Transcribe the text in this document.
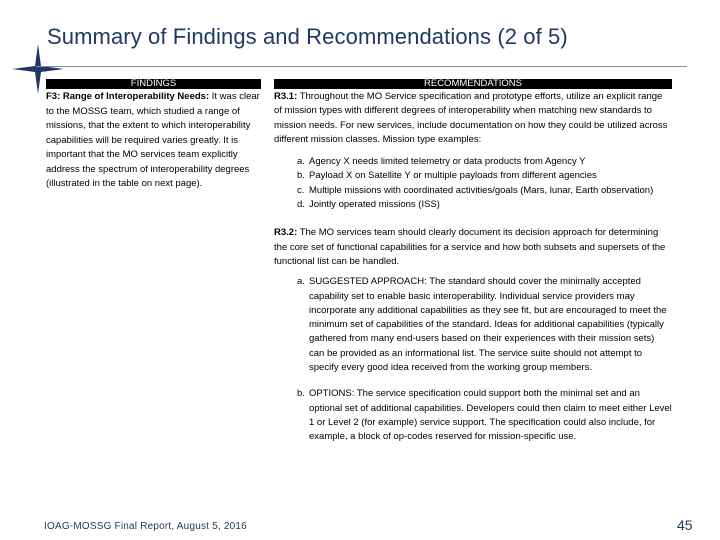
Summary of Findings and Recommendations (2 of 5)
FINDINGS	RECOMMENDATIONS
F3: Range of Interoperability Needs: It was clear to the MOSSG team, which studied a range of missions, that the extent to which interoperability capabilities will be required varies greatly. It is important that the MO services team explicitly address the spectrum of interoperability degrees (illustrated in the table on next page).

R3.1: Throughout the MO Service specification and prototype efforts, utilize an explicit range of mission types with different degrees of interoperability when matching new standards to mission needs. For new services, include documentation on how they could be utilized across different mission classes. Mission type examples:

a. Agency X needs limited telemetry or data products from Agency Y
b. Payload X on Satellite Y or multiple payloads from different agencies
c. Multiple missions with coordinated activities/goals (Mars, lunar, Earth observation)
d. Jointly operated missions (ISS)

R3.2: The MO services team should clearly document its decision approach for determining the core set of functional capabilities for a service and how both subsets and supersets of the functional list can be handled.

a. SUGGESTED APPROACH: The standard should cover the minimally accepted capability set to enable basic interoperability. Individual service providers may incorporate any additional capabilities as they see fit, but are encouraged to meet the minimum set of capabilities of the standard. Ideas for additional capabilities (typically gathered from many end-users based on their experiences with their mission sets) can be provided as an informational list. The service suite should not attempt to specify every good idea received from the working group members.
b. OPTIONS: The service specification could support both the minimal set and an optional set of additional capabilities. Developers could then claim to meet either Level 1 or Level 2 (for example) service support. The specification could also include, for example, a block of op-codes reserved for mission-specific use.
IOAG-MOSSG Final Report, August 5, 2016	45
